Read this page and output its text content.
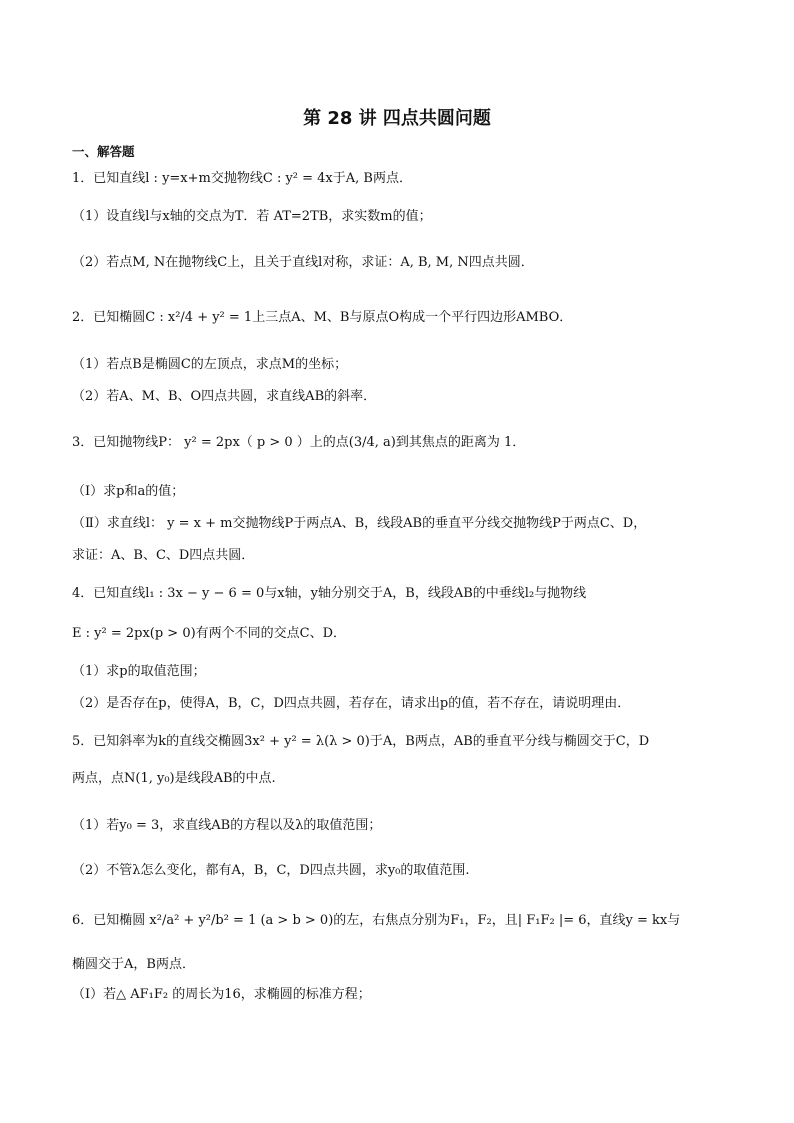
第 28 讲 四点共圆问题
一、解答题
1．已知直线l : y=x+m交抛物线C : y² = 4x于A, B两点．
（1）设直线l与x轴的交点为T．若 AT=2TB，求实数m的值；
（2）若点M, N在抛物线C上，且关于直线l对称，求证：A, B, M, N四点共圆．
2．已知椭圆C : x²/4 + y² = 1上三点A、M、B与原点O构成一个平行四边形AMBO．
（1）若点B是椭圆C的左顶点，求点M的坐标；
（2）若A、M、B、O四点共圆，求直线AB的斜率．
3．已知抛物线P： y² = 2px（ p > 0 ）上的点(3/4, a)到其焦点的距离为 1．
（Ⅰ）求p和a的值；
（Ⅱ）求直线l： y = x + m交抛物线P于两点A、B，线段AB的垂直平分线交抛物线P于两点C、D，
求证：A、B、C、D四点共圆．
4．已知直线l₁ : 3x − y − 6 = 0与x轴，y轴分别交于A，B，线段AB的中垂线l₂与抛物线
E : y² = 2px(p > 0)有两个不同的交点C、D．
（1）求p的取值范围；
（2）是否存在p，使得A，B，C，D四点共圆，若存在，请求出p的值，若不存在，请说明理由．
5．已知斜率为k的直线交椭圆3x² + y² = λ(λ > 0)于A，B两点，AB的垂直平分线与椭圆交于C，D
两点，点N(1, y₀)是线段AB的中点.
（1）若y₀ = 3，求直线AB的方程以及λ的取值范围；
（2）不管λ怎么变化，都有A，B，C，D四点共圆，求y₀的取值范围.
6．已知椭圆 x²/a² + y²/b² = 1 (a > b > 0)的左，右焦点分别为F₁，F₂，且| F₁F₂ |= 6，直线y = kx与
椭圆交于A，B两点．
（Ⅰ）若△ AF₁F₂ 的周长为16，求椭圆的标准方程；
